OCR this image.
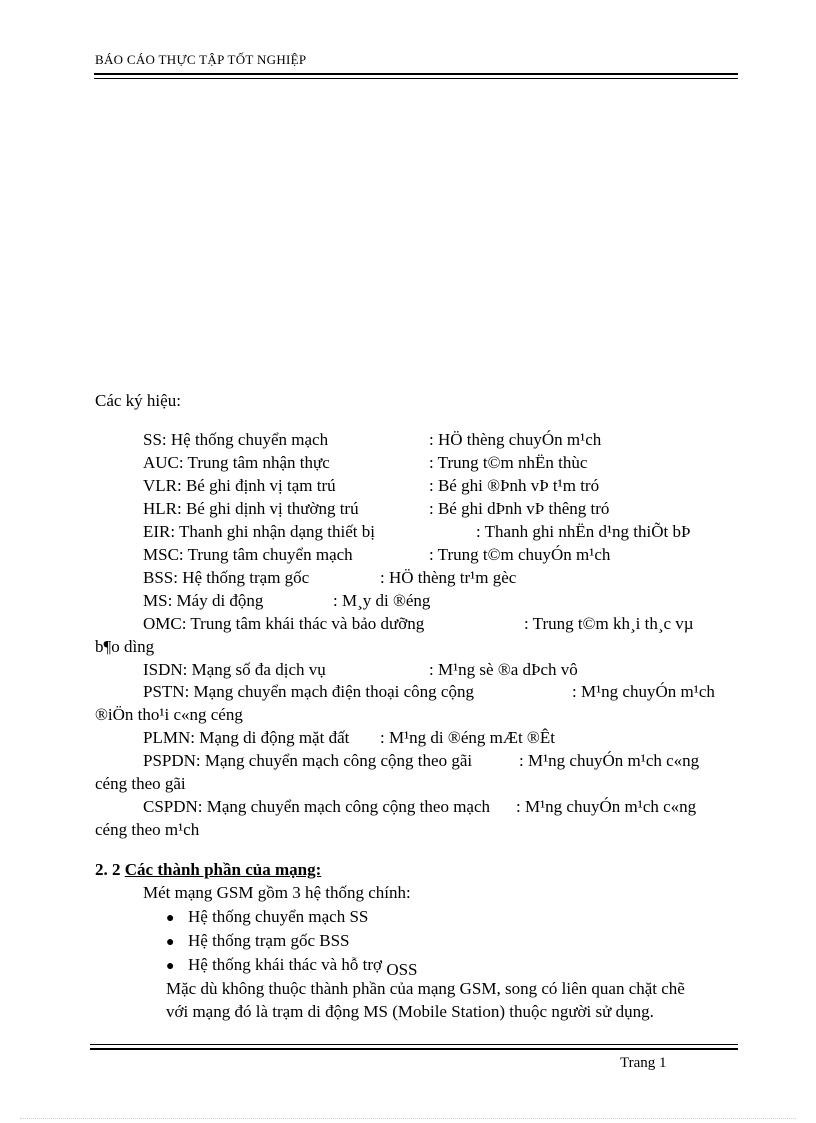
BÁO CÁO THỰC TẬP TỐT NGHIỆP
Các ký hiệu:
SS: Hệ thống chuyển mạch	: HÖ thèng chuyÓn m¹ch
AUC: Trung tâm nhận thực	: Trung t©m nhËn thùc
VLR: Bé ghi định vị tạm trú	: Bé ghi ®Þnh vÞ t¹m tró
HLR: Bé ghi dịnh vị thường trú	: Bé ghi dÞnh vÞ thêng tró
EIR: Thanh ghi nhận dạng thiết bị	: Thanh ghi nhËn d¹ng thiÕt bÞ
MSC: Trung tâm chuyển mạch	: Trung t©m chuyÓn m¹ch
BSS: Hệ thống trạm gốc	: HÖ thèng tr¹m gèc
MS: Máy di động	: M¸y di ®éng
OMC: Trung tâm khái thác và bảo dưỡng	: Trung t©m kh¸i th¸c vµ
b¶o dìng
ISDN: Mạng số đa dịch vụ	: M¹ng sè ®a dÞch vô
PSTN: Mạng chuyển mạch điện thoại công cộng	: M¹ng chuyÓn m¹ch
®iÖn tho¹i c«ng céng
PLMN: Mạng di động mặt đất : M¹ng di ®éng mÆt ®Êt
PSPDN: Mạng chuyển mạch công cộng theo gãi	: M¹ng chuyÓn m¹ch c«ng
céng theo gãi
CSPDN: Mạng chuyển mạch công cộng theo mạch : M¹ng chuyÓn m¹ch c«ng
céng theo m¹ch
2. 2 Các thành phần của mạng:
Mét mạng GSM gồm 3 hệ thống chính:
● Hệ thống chuyển mạch SS
● Hệ thống trạm gốc BSS
● Hệ thống khái thác và hỗ trợ OSS
Mặc dù không thuộc thành phần của mạng GSM, song có liên quan chặt chẽ
với mạng đó là trạm di động MS (Mobile Station) thuộc người sử dụng.
Trang 1
